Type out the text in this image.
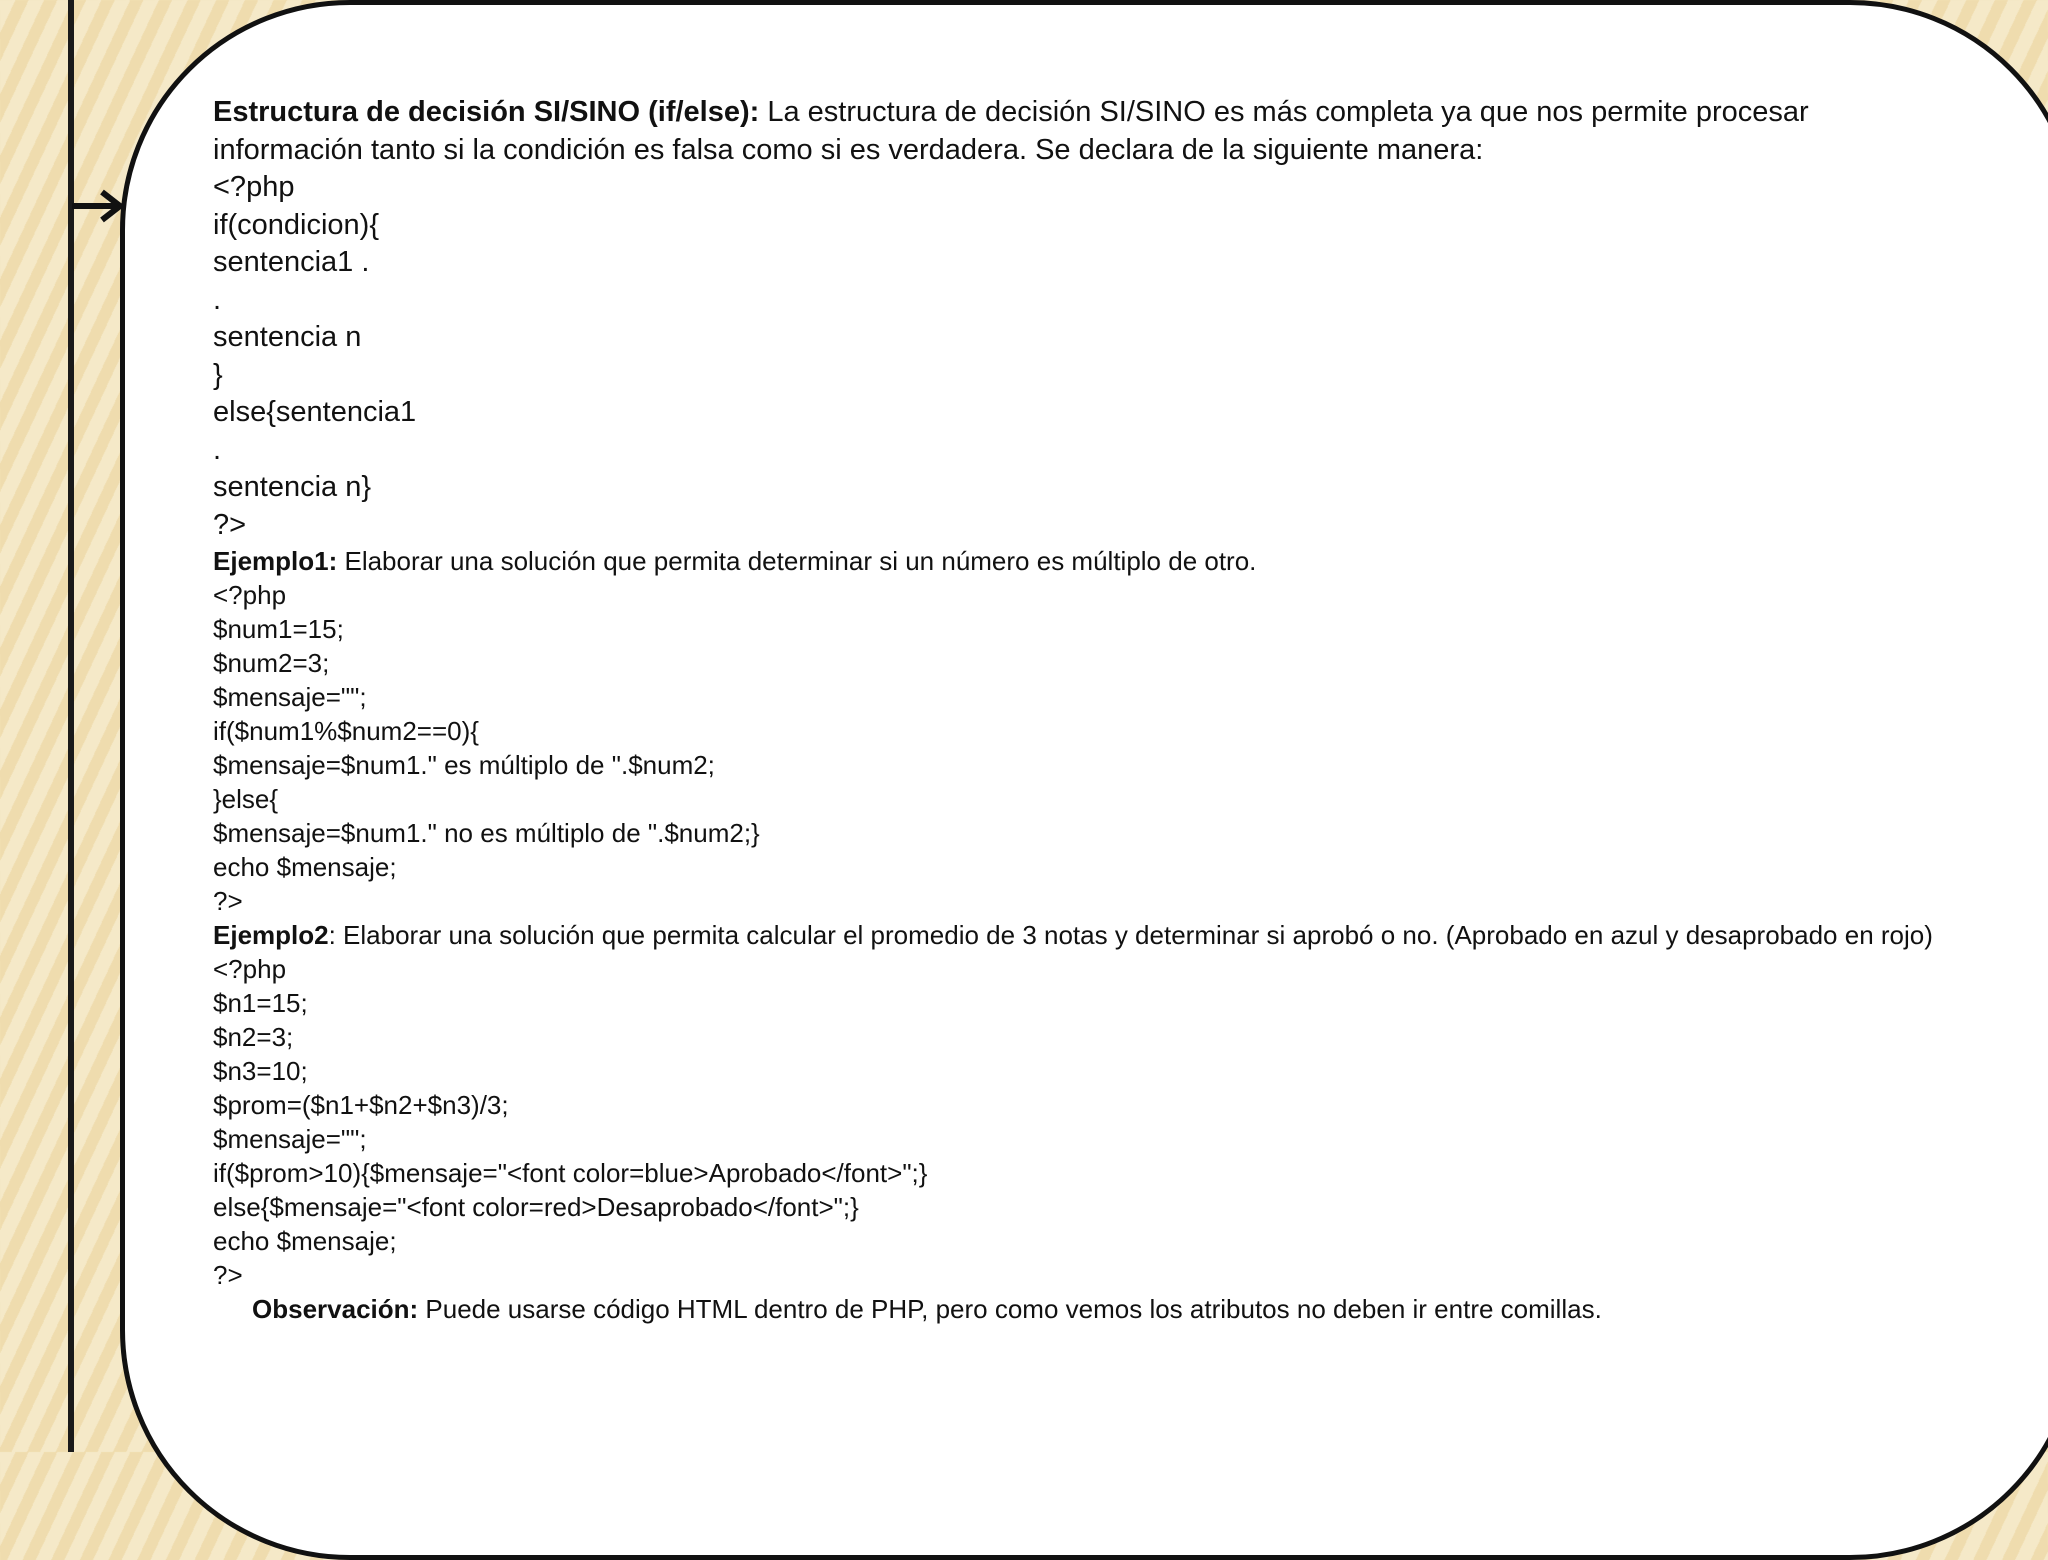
Estructura de decisión SI/SINO (if/else): La estructura de decisión SI/SINO es más completa ya que nos permite procesar información tanto si la condición es falsa como si es verdadera. Se declara de la siguiente manera:
<?php
if(condicion){
sentencia1 .
.
sentencia n
}
else{sentencia1
.
sentencia n}
?>
Ejemplo1: Elaborar una solución que permita determinar si un número es múltiplo de otro.
<?php
$num1=15;
$num2=3;
$mensaje="";
if($num1%$num2==0){
$mensaje=$num1." es múltiplo de ".$num2;
}else{
$mensaje=$num1." no es múltiplo de ".$num2;}
echo $mensaje;
?>
Ejemplo2: Elaborar una solución que permita calcular el promedio de 3 notas y determinar si aprobó o no. (Aprobado en azul y desaprobado en rojo)
<?php
$n1=15;
$n2=3;
$n3=10;
$prom=($n1+$n2+$n3)/3;
$mensaje="";
if($prom>10){$mensaje="<font color=blue>Aprobado</font>";}
else{$mensaje="<font color=red>Desaprobado</font>";}
echo $mensaje;
?>
Observación: Puede usarse código HTML dentro de PHP, pero como vemos los atributos no deben ir entre comillas.
